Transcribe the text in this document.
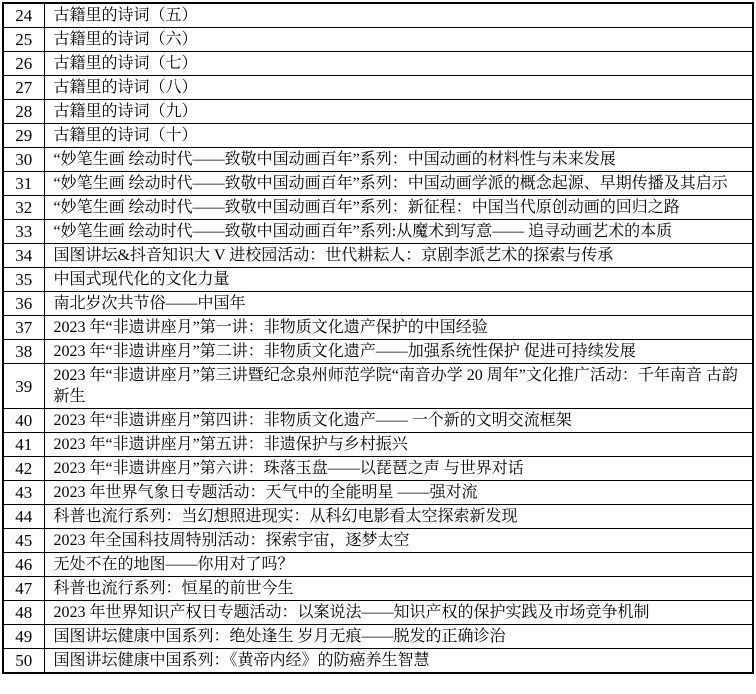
24	古籍里的诗词（五）
25	古籍里的诗词（六）
26	古籍里的诗词（七）
27	古籍里的诗词（八）
28	古籍里的诗词（九）
29	古籍里的诗词（十）
30	“妙笔生画 绘动时代——致敬中国动画百年”系列：中国动画的材料性与未来发展
31	“妙笔生画 绘动时代——致敬中国动画百年”系列：中国动画学派的概念起源、早期传播及其启示
32	“妙笔生画 绘动时代——致敬中国动画百年”系列：新征程：中国当代原创动画的回归之路
33	“妙笔生画 绘动时代——致敬中国动画百年”系列:从魔术到写意—— 追寻动画艺术的本质
34	国图讲坛&抖音知识大 V 进校园活动：世代耕耘人：京剧李派艺术的探索与传承
35	中国式现代化的文化力量
36	南北岁次共节俗——中国年
37	2023 年“非遗讲座月”第一讲：非物质文化遗产保护的中国经验
38	2023 年“非遗讲座月”第二讲：非物质文化遗产——加强系统性保护 促进可持续发展
39	2023 年“非遗讲座月”第三讲暨纪念泉州师范学院“南音办学 20 周年”文化推广活动：千年南音 古韵新生
40	2023 年“非遗讲座月”第四讲：非物质文化遗产—— 一个新的文明交流框架
41	2023 年“非遗讲座月”第五讲：非遗保护与乡村振兴
42	2023 年“非遗讲座月”第六讲：珠落玉盘——以琵琶之声 与世界对话
43	2023 年世界气象日专题活动：天气中的全能明星 ——强对流
44	科普也流行系列：当幻想照进现实：从科幻电影看太空探索新发现
45	2023 年全国科技周特别活动：探索宇宙，逐梦太空
46	无处不在的地图——你用对了吗？
47	科普也流行系列：恒星的前世今生
48	2023 年世界知识产权日专题活动：以案说法——知识产权的保护实践及市场竞争机制
49	国图讲坛健康中国系列：绝处逢生 岁月无痕——脱发的正确诊治
50	国图讲坛健康中国系列：《黄帝内经》的防癌养生智慧
